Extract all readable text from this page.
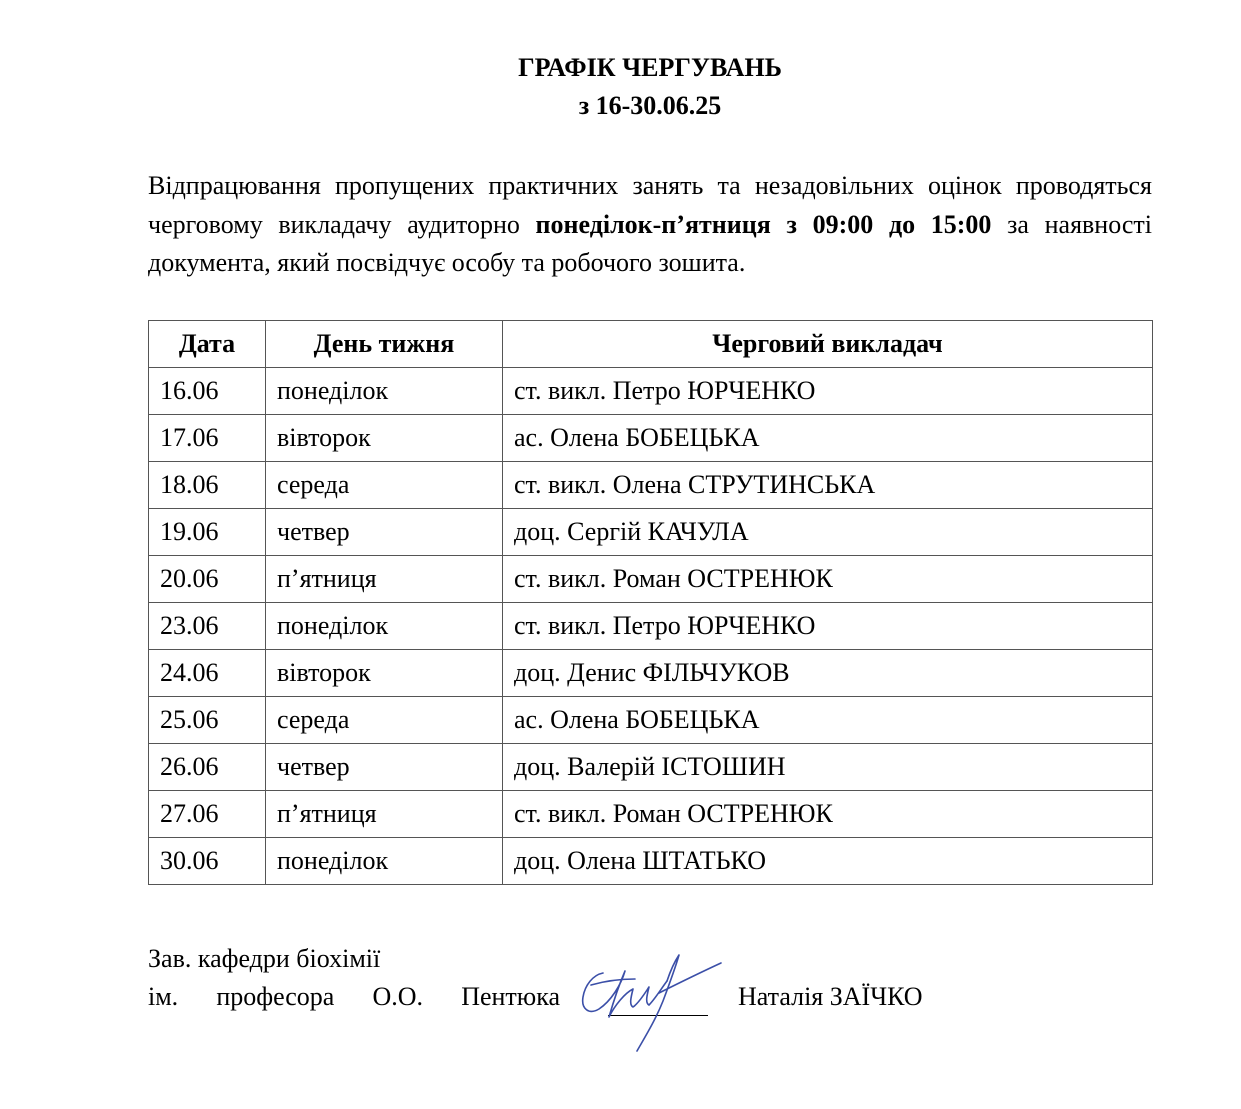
ГРАФІК ЧЕРГУВАНЬ
з 16-30.06.25
Відпрацювання пропущених практичних занять та незадовільних оцінок проводяться черговому викладачу аудиторно понеділок-п’ятниця з 09:00 до 15:00 за наявності документа, який посвідчує особу та робочого зошита.
Дата	День тижня	Черговий викладач
16.06	понеділок	ст. викл. Петро ЮРЧЕНКО
17.06	вівторок	ас. Олена БОБЕЦЬКА
18.06	середа	ст. викл. Олена СТРУТИНСЬКА
19.06	четвер	доц. Сергій КАЧУЛА
20.06	п’ятниця	ст. викл. Роман ОСТРЕНЮК
23.06	понеділок	ст. викл. Петро ЮРЧЕНКО
24.06	вівторок	доц. Денис ФІЛЬЧУКОВ
25.06	середа	ас. Олена БОБЕЦЬКА
26.06	четвер	доц. Валерій ІСТОШИН
27.06	п’ятниця	ст. викл. Роман ОСТРЕНЮК
30.06	понеділок	доц. Олена ШТАТЬКО
Зав. кафедри біохімії
ім. професора О.О. Пентюка	Наталія ЗАЇЧКО
